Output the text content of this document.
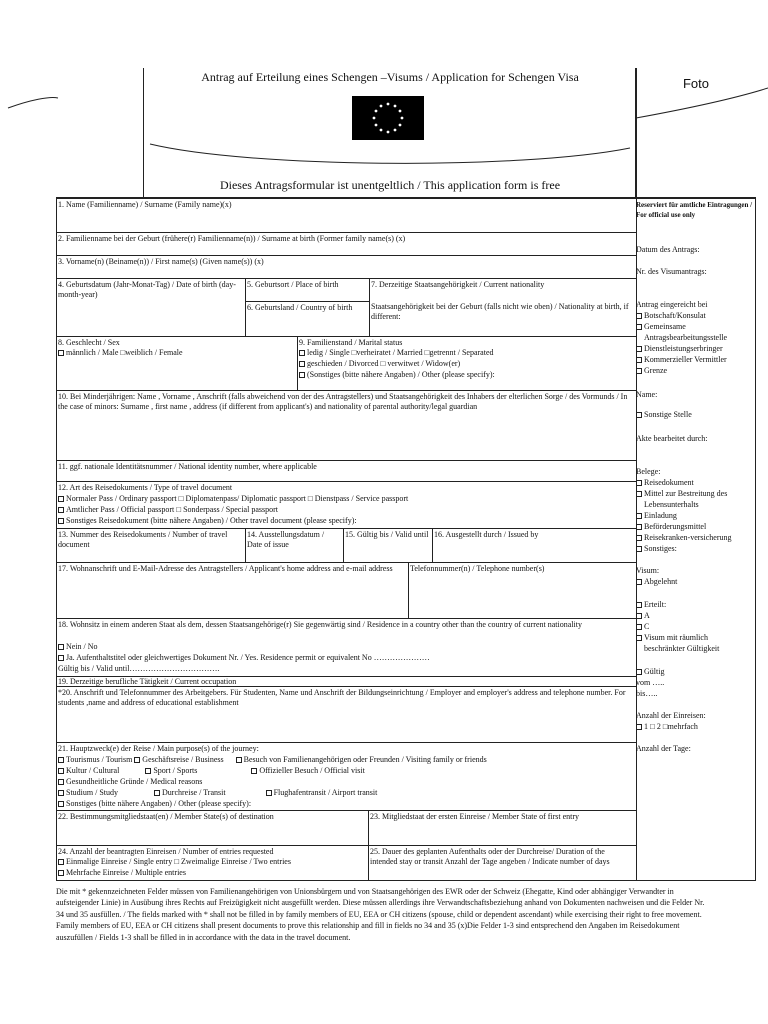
Antrag auf Erteilung eines Schengen –Visums / Application for Schengen Visa
Dieses Antragsformular ist unentgeltlich / This application form is free
Foto
1. Name (Familienname) / Surname (Family name)(x)
2. Familienname bei der Geburt (frühere(r) Familienname(n)) / Surname at birth (Former family name(s) (x)
3. Vorname(n) (Beiname(n)) / First name(s) (Given name(s)) (x)
4. Geburtsdatum (Jahr-Monat-Tag) / Date of birth (day-month-year)
5. Geburtsort / Place of birth
6. Geburtsland / Country of birth
7. Derzeitige Staatsangehörigkeit / Current nationality
Staatsangehörigkeit bei der Geburt (falls nicht wie oben) / Nationality at birth, if different:
8. Geschlecht / Sex
männlich / Male □weiblich / Female
9. Familienstand / Marital status
ledig / Single □verheiratet / Married □getrennt / Separated
geschieden / Divorced □ verwitwet / Widow(er)
(Sonstiges (bitte nähere Angaben) / Other (please specify):
10. Bei Minderjährigen: Name , Vorname , Anschrift (falls abweichend von der des Antragstellers) und Staatsangehörigkeit des Inhabers der elterlichen Sorge / des Vormunds / In the case of minors: Surname , first name , address (if different from applicant's) and nationality of parental authority/legal guardian
11. ggf. nationale Identitätsnummer / National identity number, where applicable
12. Art des Reisedokuments / Type of travel document
Normaler Pass / Ordinary passport □ Diplomatenpass/ Diplomatic passport □ Dienstpass / Service passport
Amtlicher Pass / Official passport □ Sonderpass / Special passport
Sonstiges Reisedokument (bitte nähere Angaben) / Other travel document (please specify):
13. Nummer des Reisedokuments / Number of travel document
14. Ausstellungsdatum / Date of issue
15. Gültig bis / Valid until 16. Ausgestellt durch / Issued by
17. Wohnanschrift und E-Mail-Adresse des Antragstellers / Applicant's home address and e-mail address	Telefonnummer(n) / Telephone number(s)
18. Wohnsitz in einem anderen Staat als dem, dessen Staatsangehörige(r) Sie gegenwärtig sind / Residence in a country other than the country of current nationality
Nein / No
Ja. Aufenthaltstitel oder gleichwertiges Dokument Nr. / Yes. Residence permit or equivalent No …………………
Gültig bis / Valid until…………………………….
19. Derzeitige berufliche Tätigkeit / Current occupation
*20. Anschrift und Telefonnummer des Arbeitgebers. Für Studenten, Name und Anschrift der Bildungseinrichtung / Employer and employer's address and telephone number. For students ,name and address of educational establishment
21. Hauptzweck(e) der Reise / Main purpose(s) of the journey:
Tourismus / Tourism Geschäftsreise / Business	Besuch von Familienangehörigen oder Freunden / Visiting family or friends
Kultur / Cultural	Sport / Sports	Offizieller Besuch / Official visit
Gesundheitliche Gründe / Medical reasons
Studium / Study	Durchreise / Transit	Flughafentransit / Airport transit
Sonstiges (bitte nähere Angaben) / Other (please specify):
22. Bestimmungsmitgliedstaat(en) / Member State(s) of destination	23. Mitgliedstaat der ersten Einreise / Member State of first entry
24. Anzahl der beantragten Einreisen / Number of entries requested
Einmalige Einreise / Single entry □ Zweimalige Einreise / Two entries
Mehrfache Einreise / Multiple entries
25. Dauer des geplanten Aufenthalts oder der Durchreise/ Duration of the intended stay or transit Anzahl der Tage angeben / Indicate number of days
Reserviert für amtliche Eintragungen / For official use only
Datum des Antrags:
Nr. des Visumantrags:
Antrag eingereicht bei
Botschaft/Konsulat
Gemeinsame
Antragsbearbeitungsstelle
Dienstleistungserbringer
Kommerzieller Vermittler
Grenze
Name:
Sonstige Stelle
Akte bearbeitet durch:
Belege:
Reisedokument
Mittel zur Bestreitung des
Lebensunterhalts
Einladung
Beförderungsmittel
Reisekranken-versicherung
Sonstiges:
Visum:
Abgelehnt
Erteilt:
A
C
Visum mit räumlich
beschränkter Gültigkeit
Gültig
vom …..
bis…..
Anzahl der Einreisen:
1 □ 2 □mehrfach
Anzahl der Tage:
Die mit * gekennzeichneten Felder müssen von Familienangehörigen von Unionsbürgern und von Staatsangehörigen des EWR oder der Schweiz (Ehegatte, Kind oder abhängiger Verwandter in aufsteigender Linie) in Ausübung ihres Rechts auf Freizügigkeit nicht ausgefüllt werden. Diese müssen allerdings ihre Verwandtschaftsbeziehung anhand von Dokumenten nachweisen und die Felder Nr. 34 und 35 ausfüllen. / The fields marked with * shall not be filled in by family members of EU, EEA or CH citizens (spouse, child or dependent ascendant) while exercising their right to free movement. Family members of EU, EEA or CH citizens shall present documents to prove this relationship and fill in fields no 34 and 35 (x)Die Felder 1-3 sind entsprechend den Angaben im Reisedokument auszufüllen / Fields 1-3 shall be filled in in accordance with the data in the travel document.
